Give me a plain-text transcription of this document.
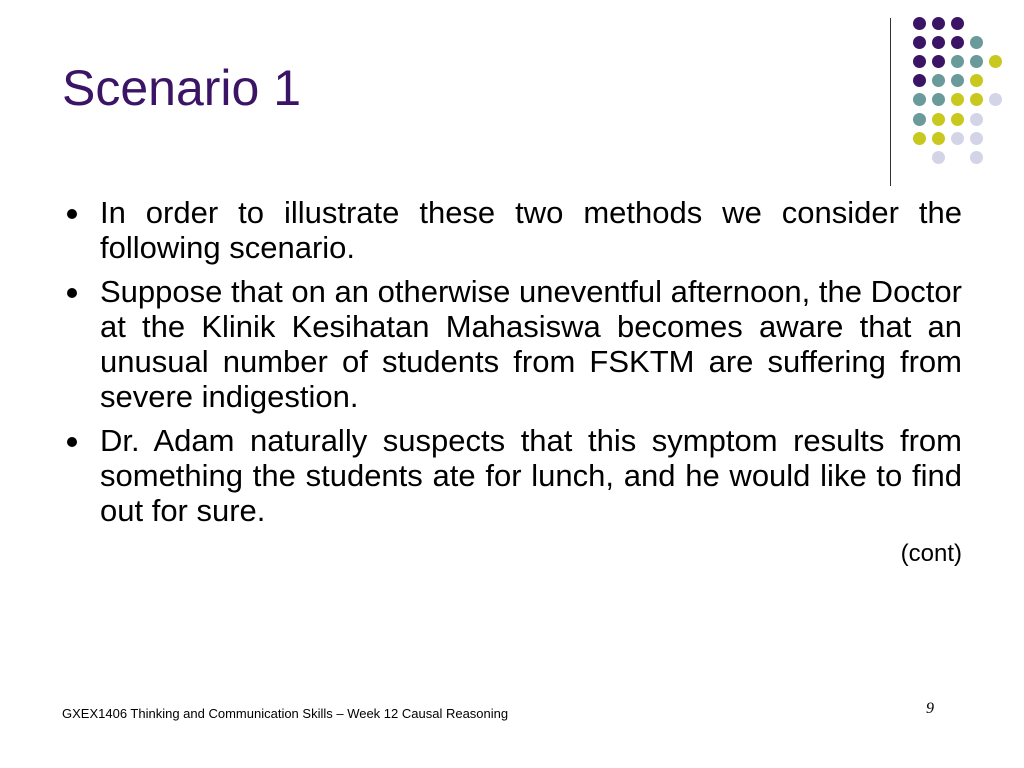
Scenario 1
In order to illustrate these two methods we consider the following scenario.
Suppose that on an otherwise uneventful afternoon, the Doctor at the Klinik Kesihatan Mahasiswa becomes aware that an unusual number of students from FSKTM are suffering from severe indigestion.
Dr. Adam naturally suspects that this symptom results from something the students ate for lunch, and he would like to find out for sure.
(cont)
GXEX1406 Thinking and Communication Skills – Week 12 Causal Reasoning	9
